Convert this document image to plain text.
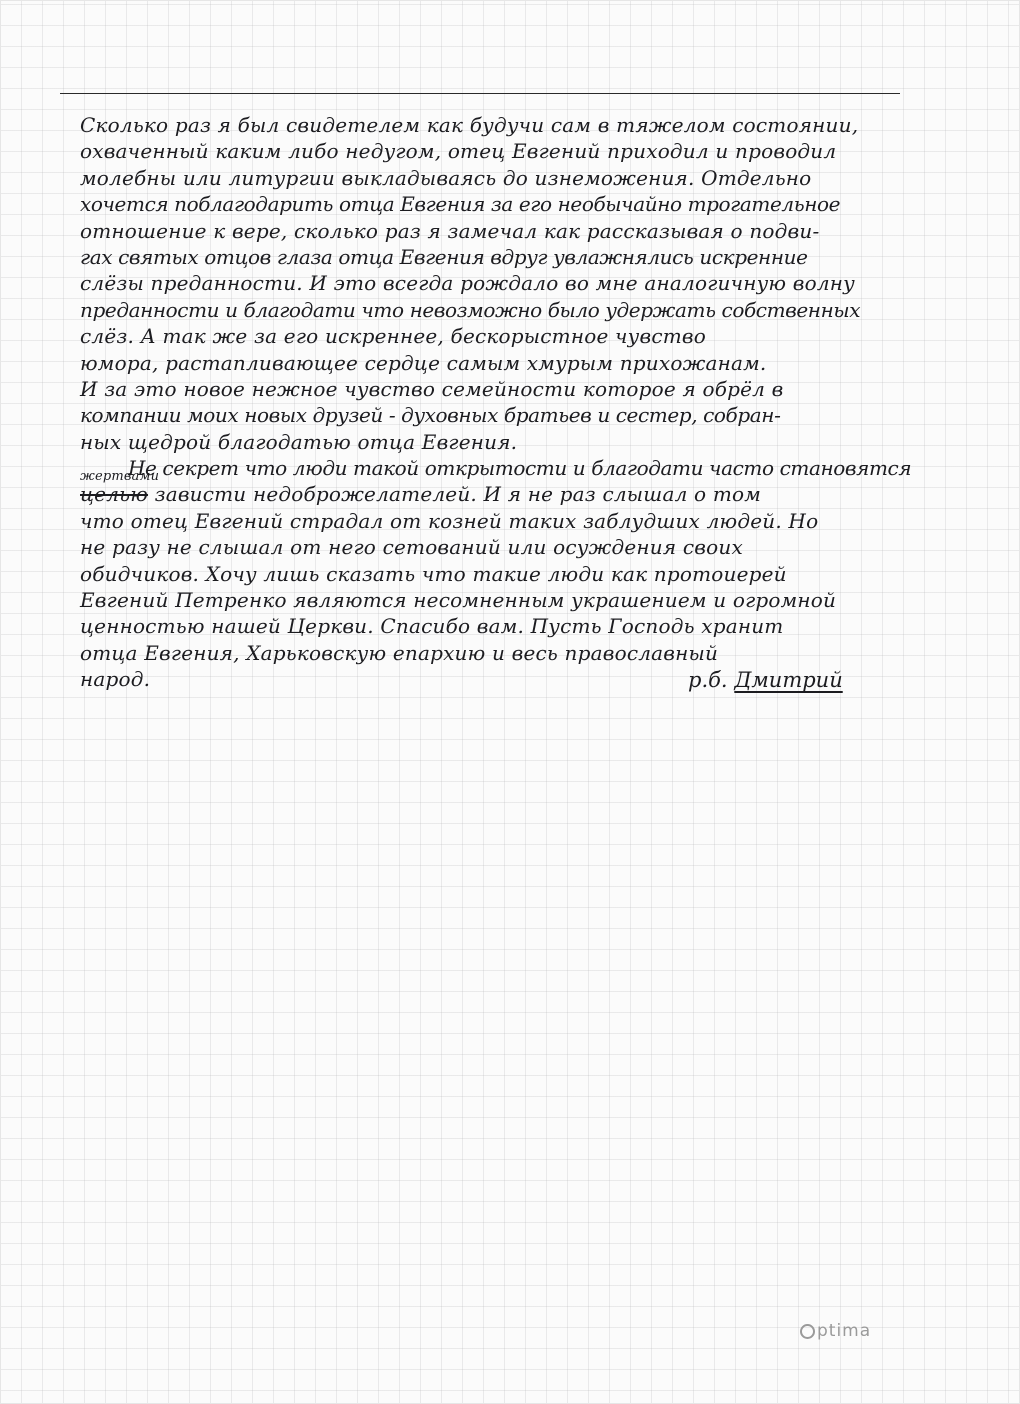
Сколько раз я был свидетелем как будучи сам в тяжелом состоянии,
охваченный каким либо недугом, отец Евгений приходил и проводил
молебны или литургии выкладываясь до изнеможения. Отдельно
хочется поблагодарить отца Евгения за его необычайно трогательное
отношение к вере, сколько раз я замечал как рассказывая о подви-
гах святых отцов глаза отца Евгения вдруг увлажнялись искренние
слёзы преданности. И это всегда рождало во мне аналогичную волну
преданности и благодати что невозможно было удержать собственных
слёз. А так же за его искреннее, бескорыстное чувство
юмора, растапливающее сердце самым хмурым прихожанам.
И за это новое нежное чувство семейности которое я обрёл в
компании моих новых друзей - духовных братьев и сестер, собран-
ных щедрой благодатью отца Евгения.
Не секрет что люди такой открытости и благодати часто становятся
жертвами
целью зависти недоброжелателей. И я не раз слышал о том
что отец Евгений страдал от козней таких заблудших людей. Но
не разу не слышал от него сетований или осуждения своих
обидчиков. Хочу лишь сказать что такие люди как протоиерей
Евгений Петренко являются несомненным украшением и огромной
ценностью нашей Церкви. Спасибо вам. Пусть Господь хранит
отца Евгения, Харьковскую епархию и весь православный
народ.	р.б. Дмитрий
ptima
